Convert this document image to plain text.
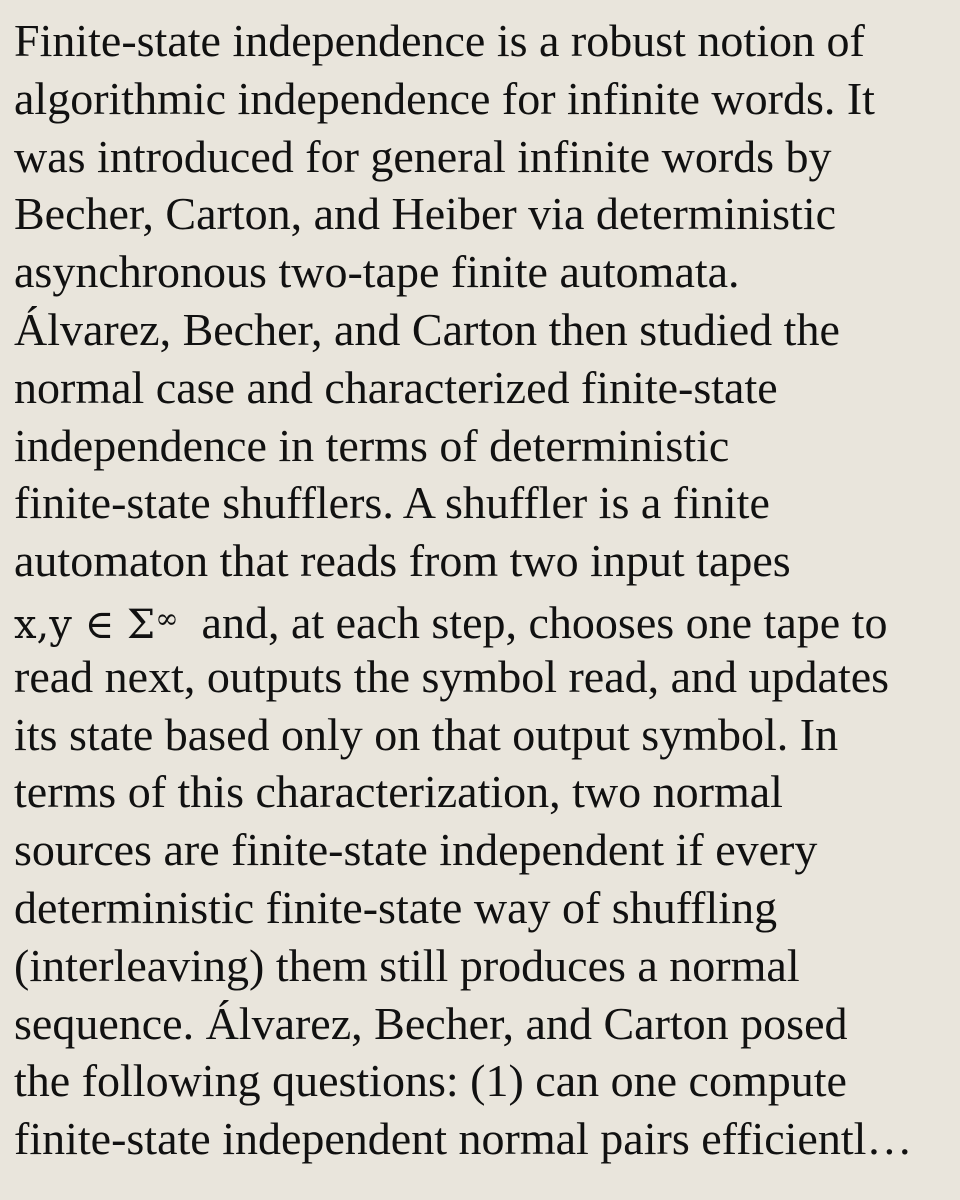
Finite-state independence is a robust notion of
algorithmic independence for infinite words. It
was introduced for general infinite words by
Becher, Carton, and Heiber via deterministic
asynchronous two-tape finite automata.
Álvarez, Becher, and Carton then studied the
normal case and characterized finite-state
independence in terms of deterministic
finite-state shufflers. A shuffler is a finite
automaton that reads from two input tapes
x,y ∈ Σ∞ and, at each step, chooses one tape to
read next, outputs the symbol read, and updates
its state based only on that output symbol. In
terms of this characterization, two normal
sources are finite-state independent if every
deterministic finite-state way of shuffling
(interleaving) them still produces a normal
sequence. Álvarez, Becher, and Carton posed
the following questions: (1) can one compute
finite-state independent normal pairs efficientl…
